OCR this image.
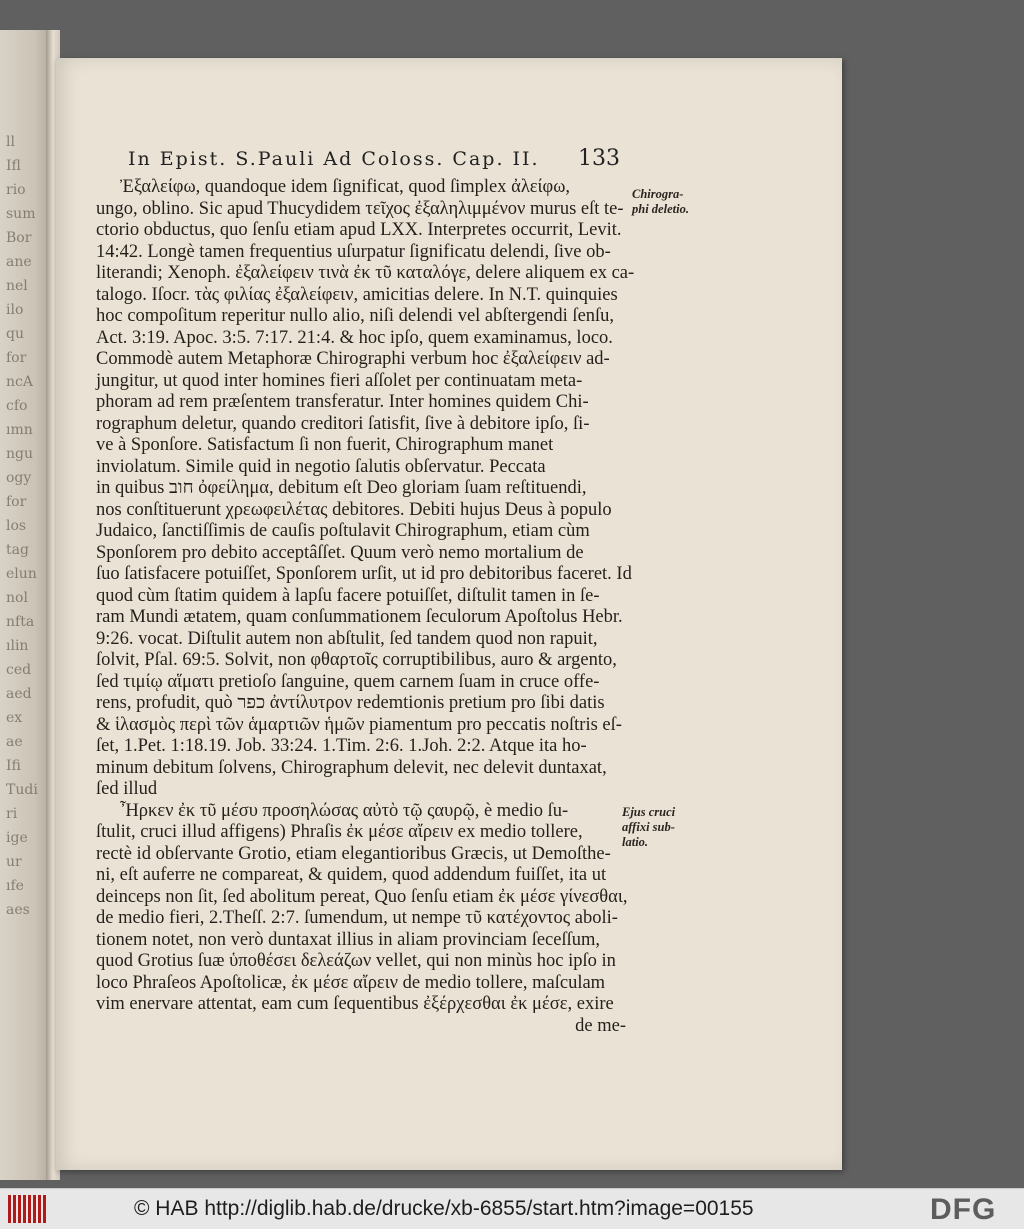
ll
Ifl
rio
sum
Bor
ane
nel
ilo
qu
for
ncA
cfo
ımn
ngu
ogy
for
los
tag
elun
nol
nfta
ılin
ced
aed
ex
ae
Ifi
Tudi
ri
ige
ur
ıfe
aes
In Epist. S.Pauli Ad Coloss. Cap. II.	133
Ἐξαλείφω, quandoque idem ſignificat, quod ſimplex ἀλείφω,
ungo, oblino. Sic apud Thucydidem τεῖχος ἐξαληλιμμένον murus eſt te-
ctorio obductus, quo ſenſu etiam apud LXX. Interpretes occurrit, Levit.
14:42. Longè tamen frequentius uſurpatur ſignificatu delendi, ſive ob-
literandi; Xenoph. ἐξαλείφειν τινὰ ἐκ τῦ καταλόγε, delere aliquem ex ca-
talogo. Iſocr. τὰς φιλίας ἐξαλείφειν, amicitias delere. In N.T. quinquies
hoc compoſitum reperitur nullo alio, niſi delendi vel abſtergendi ſenſu,
Act. 3:19. Apoc. 3:5. 7:17. 21:4. & hoc ipſo, quem examinamus, loco.
Commodè autem Metaphoræ Chirographi verbum hoc ἐξαλείφειν ad-
jungitur, ut quod inter homines fieri aſſolet per continuatam meta-
phoram ad rem præſentem transferatur. Inter homines quidem Chi-
rographum deletur, quando creditori ſatisfit, ſive à debitore ipſo, ſi-
ve à Sponſore. Satisfactum ſi non fuerit, Chirographum manet
inviolatum. Simile quid in negotio ſalutis obſervatur. Peccata
in quibus חוב ὀφείλημα, debitum eſt Deo gloriam ſuam reſtituendi,
nos conſtituerunt χρεωφειλέτας debitores. Debiti hujus Deus à populo
Judaico, ſanctiſſimis de cauſis poſtulavit Chirographum, etiam cùm
Sponſorem pro debito acceptâſſet. Quum verò nemo mortalium de
ſuo ſatisfacere potuiſſet, Sponſorem urſit, ut id pro debitoribus faceret. Id
quod cùm ſtatim quidem à lapſu facere potuiſſet, diſtulit tamen in ſe-
ram Mundi ætatem, quam conſummationem ſeculorum Apoſtolus Hebr.
9:26. vocat. Diſtulit autem non abſtulit, ſed tandem quod non rapuit,
ſolvit, Pſal. 69:5. Solvit, non φθαρτοῖς corruptibilibus, auro & argento,
ſed τιμίῳ αἵματι pretioſo ſanguine, quem carnem ſuam in cruce offe-
rens, profudit, quò כפר ἀντίλυτρον redemtionis pretium pro ſibi datis
& ἱλασμὸς περὶ τῶν ἁμαρτιῶν ἡμῶν piamentum pro peccatis noſtris eſ-
ſet, 1.Pet. 1:18.19. Job. 33:24. 1.Tim. 2:6. 1.Joh. 2:2. Atque ita ho-
minum debitum ſolvens, Chirographum delevit, nec delevit duntaxat,
ſed illud
Ἦρκεν ἐκ τῦ μέσυ προσηλώσας αὐτὸ τῷ ςαυρῷ, è medio ſu-
ſtulit, cruci illud affigens) Phraſis ἐκ μέσε αἴρειν ex medio tollere,
rectè id obſervante Grotio, etiam elegantioribus Græcis, ut Demoſthe-
ni, eſt auferre ne compareat, & quidem, quod addendum fuiſſet, ita ut
deinceps non ſit, ſed abolitum pereat, Quo ſenſu etiam ἐκ μέσε γίνεσθαι,
de medio fieri, 2.Theſſ. 2:7. ſumendum, ut nempe τῦ κατέχοντος aboli-
tionem notet, non verò duntaxat illius in aliam provinciam ſeceſſum,
quod Grotius ſuæ ὑποθέσει δελεάζων vellet, qui non minùs hoc ipſo in
loco Phraſeos Apoſtolicæ, ἐκ μέσε αἴρειν de medio tollere, maſculam
vim enervare attentat, eam cum ſequentibus ἐξέρχεσθαι ἐκ μέσε, exire
de me-
Chirogra-
phi deletio.
Ejus cruci
affixi sub-
latio.
© HAB http://diglib.hab.de/drucke/xb-6855/start.htm?image=00155	DFG
